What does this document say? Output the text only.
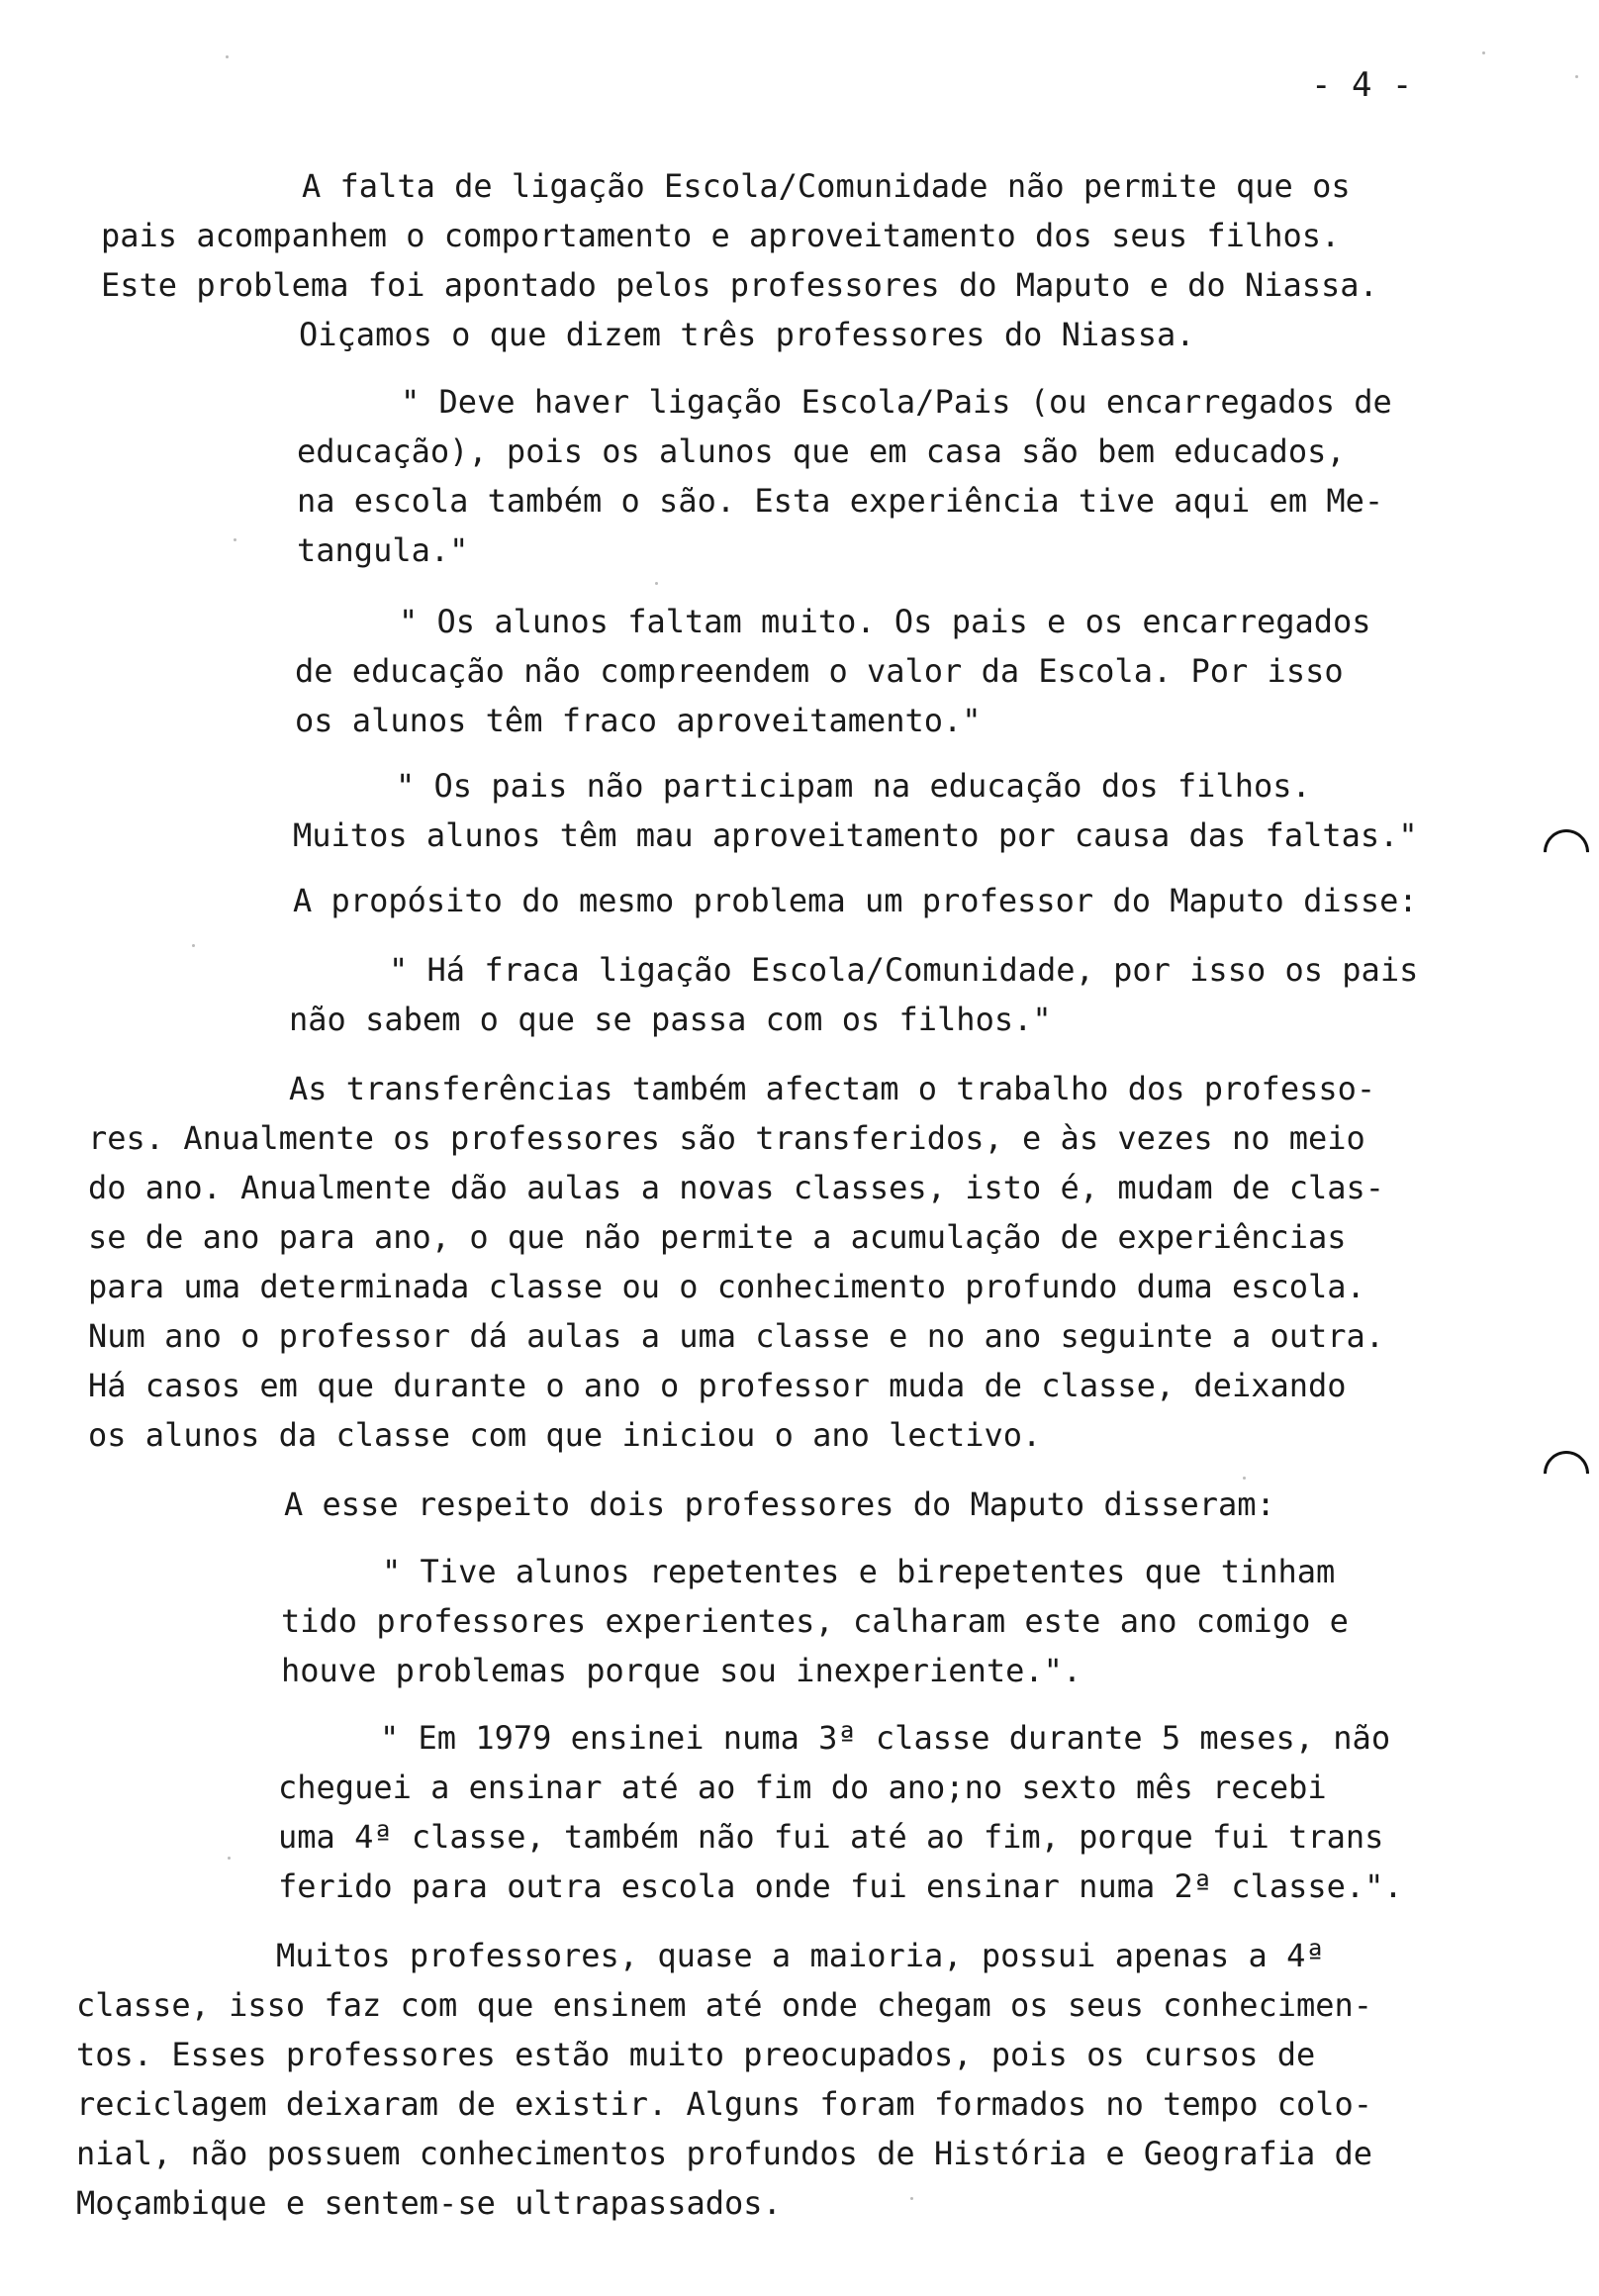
- 4 -
A falta de ligação Escola/Comunidade não permite que os
pais acompanhem o comportamento e aproveitamento dos seus filhos.
Este problema foi apontado pelos professores do Maputo e do Niassa.
Oiçamos o que dizem três professores do Niassa.
" Deve haver ligação Escola/Pais (ou encarregados de
educação), pois os alunos que em casa são bem educados,
na escola também o são. Esta experiência tive aqui em Me-
tangula."
" Os alunos faltam muito. Os pais e os encarregados
de educação não compreendem o valor da Escola. Por isso
os alunos têm fraco aproveitamento."
" Os pais não participam na educação dos filhos.
Muitos alunos têm mau aproveitamento por causa das faltas."
A propósito do mesmo problema um professor do Maputo disse:
" Há fraca ligação Escola/Comunidade, por isso os pais
não sabem o que se passa com os filhos."
As transferências também afectam o trabalho dos professo-
res. Anualmente os professores são transferidos, e às vezes no meio
do ano. Anualmente dão aulas a novas classes, isto é, mudam de clas-
se de ano para ano, o que não permite a acumulação de experiências
para uma determinada classe ou o conhecimento profundo duma escola.
Num ano o professor dá aulas a uma classe e no ano seguinte a outra.
Há casos em que durante o ano o professor muda de classe, deixando
os alunos da classe com que iniciou o ano lectivo.
A esse respeito dois professores do Maputo disseram:
" Tive alunos repetentes e birepetentes que tinham
tido professores experientes, calharam este ano comigo e
houve problemas porque sou inexperiente.".
" Em 1979 ensinei numa 3ª classe durante 5 meses, não
cheguei a ensinar até ao fim do ano;no sexto mês recebi
uma 4ª classe, também não fui até ao fim, porque fui trans
ferido para outra escola onde fui ensinar numa 2ª classe.".
Muitos professores, quase a maioria, possui apenas a 4ª
classe, isso faz com que ensinem até onde chegam os seus conhecimen-
tos. Esses professores estão muito preocupados, pois os cursos de
reciclagem deixaram de existir. Alguns foram formados no tempo colo-
nial, não possuem conhecimentos profundos de História e Geografia de
Moçambique e sentem-se ultrapassados.
